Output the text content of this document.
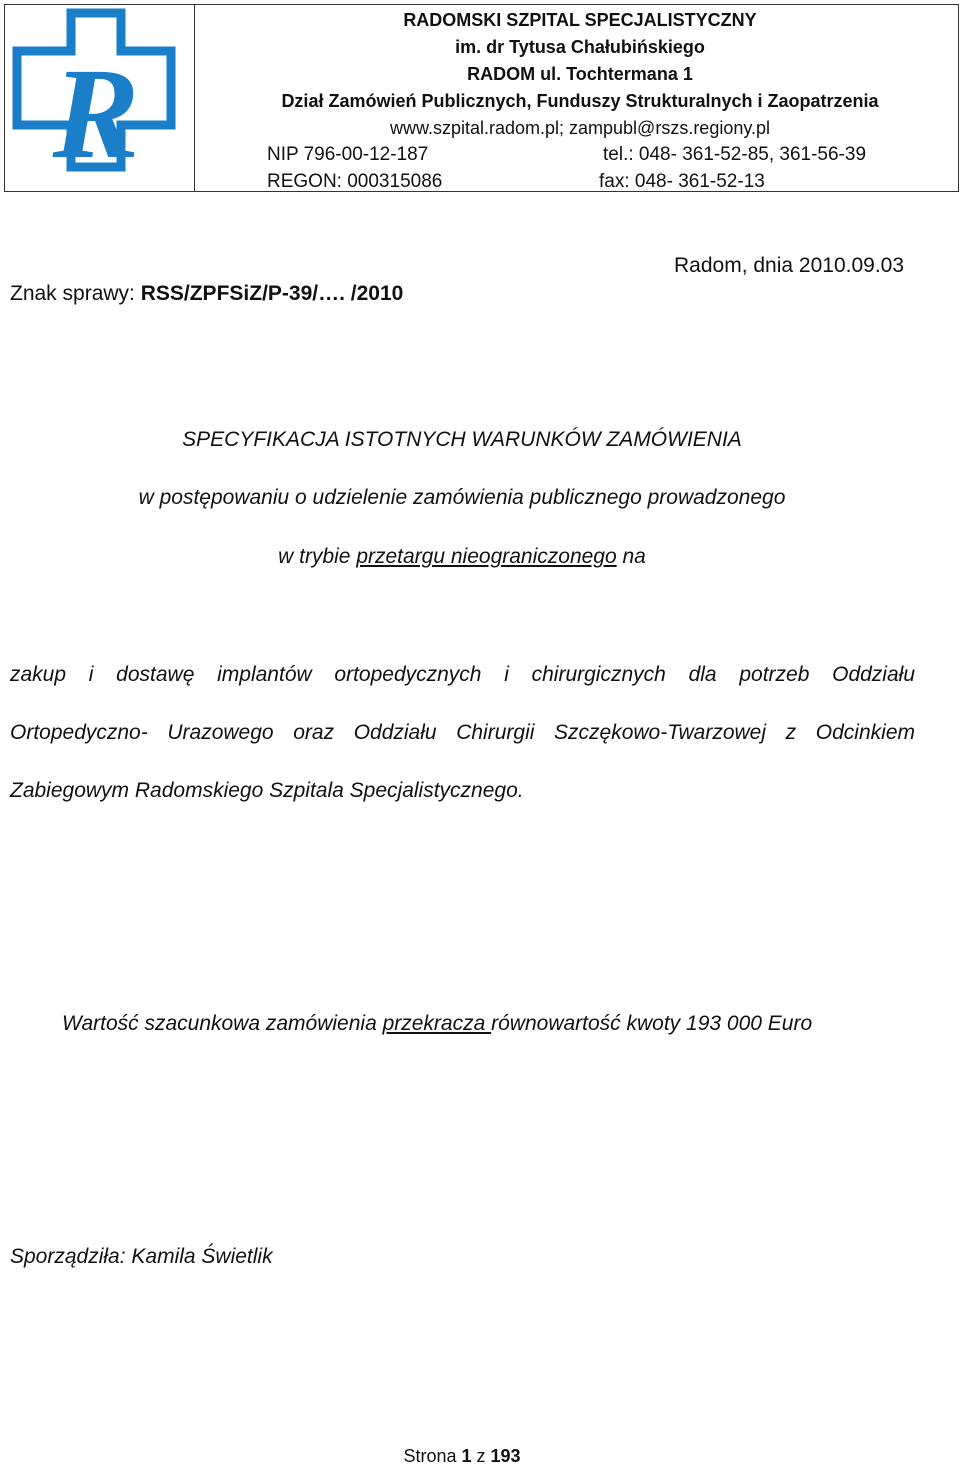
R
RADOMSKI SZPITAL SPECJALISTYCZNY
im. dr Tytusa Chałubińskiego
RADOM ul. Tochtermana 1
Dział Zamówień Publicznych, Funduszy Strukturalnych i Zaopatrzenia
www.szpital.radom.pl; zampubl@rszs.regiony.pl
NIP 796-00-12-187	tel.: 048- 361-52-85, 361-56-39
REGON: 000315086	fax: 048- 361-52-13
Znak sprawy: RSS/ZPFSiZ/P-39/…. /2010
Radom, dnia 2010.09.03
SPECYFIKACJA ISTOTNYCH WARUNKÓW ZAMÓWIENIA
w postępowaniu o udzielenie zamówienia publicznego prowadzonego
w trybie przetargu nieograniczonego na
zakup i dostawę implantów ortopedycznych i chirurgicznych dla potrzeb Oddziału
Ortopedyczno- Urazowego oraz Oddziału Chirurgii Szczękowo-Twarzowej z Odcinkiem
Zabiegowym Radomskiego Szpitala Specjalistycznego.
Wartość szacunkowa zamówienia przekracza równowartość kwoty 193 000 Euro
Sporządziła: Kamila Świetlik
Strona 1 z 193
